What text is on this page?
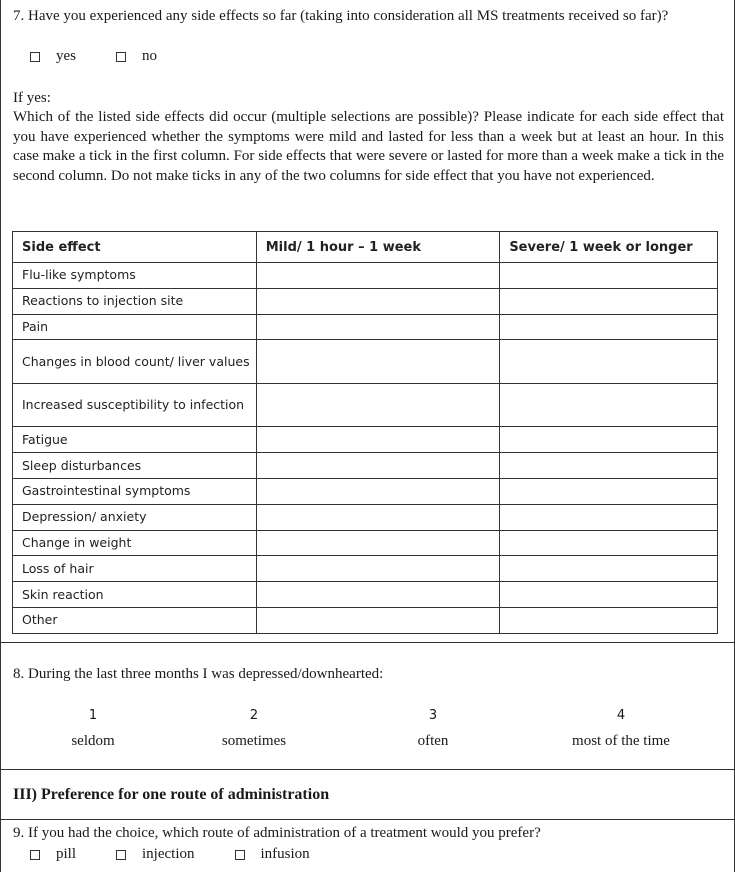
7. Have you experienced any side effects so far (taking into consideration all MS treatments received so far)?
yes	no
If yes:
Which of the listed side effects did occur (multiple selections are possible)? Please indicate for each side effect that you have experienced whether the symptoms were mild and lasted for less than a week but at least an hour. In this case make a tick in the first column. For side effects that were severe or lasted for more than a week make a tick in the second column. Do not make ticks in any of the two columns for side effect that you have not experienced.
Side effect	Mild/ 1 hour – 1 week	Severe/ 1 week or longer
Flu-like symptoms		
Reactions to injection site		
Pain		
Changes in blood count/ liver values		
Increased susceptibility to infection		
Fatigue		
Sleep disturbances		
Gastrointestinal symptoms		
Depression/ anxiety		
Change in weight		
Loss of hair		
Skin reaction		
Other		
8. During the last three months I was depressed/downhearted:
1
seldom
2
sometimes
3
often
4
most of the time
III) Preference for one route of administration
9. If you had the choice, which route of administration of a treatment would you prefer?
pill	injection	infusion
